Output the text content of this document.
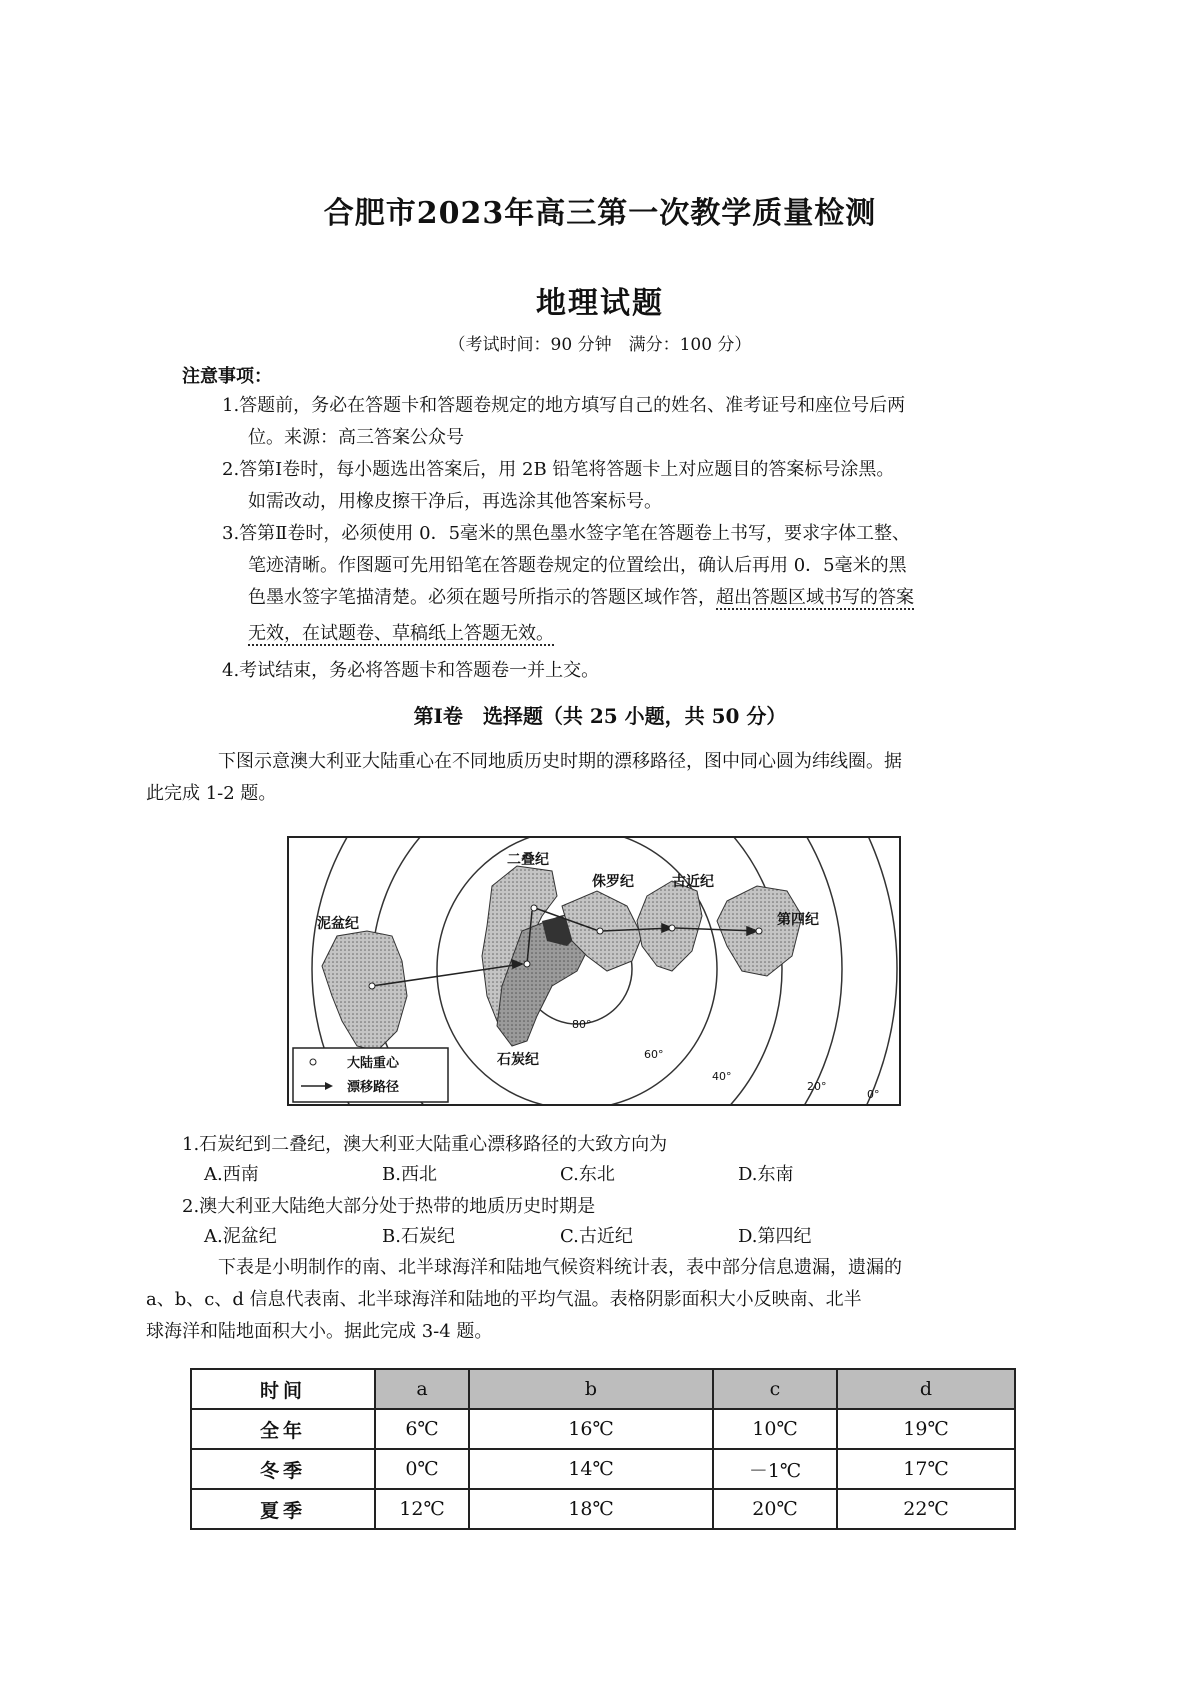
合肥市2023年高三第一次教学质量检测
地理试题
（考试时间：90 分钟　满分：100 分）
注意事项：
1.答题前，务必在答题卡和答题卷规定的地方填写自己的姓名、准考证号和座位号后两

位。来源：高三答案公众号
2.答第Ⅰ卷时，每小题选出答案后，用 2B 铅笔将答题卡上对应题目的答案标号涂黑。

如需改动，用橡皮擦干净后，再选涂其他答案标号。
3.答第Ⅱ卷时，必须使用 0．5毫米的黑色墨水签字笔在答题卷上书写，要求字体工整、

笔迹清晰。作图题可先用铅笔在答题卷规定的位置绘出，确认后再用 0．5毫米的黑
色墨水签字笔描清楚。必须在题号所指示的答题区域作答，超出答题区域书写的答案
无效，在试题卷、草稿纸上答题无效。
4.考试结束，务必将答题卡和答题卷一并上交。
第Ⅰ卷　选择题（共 25 小题，共 50 分）
下图示意澳大利亚大陆重心在不同地质历史时期的漂移路径，图中同心圆为纬线圈。据
此完成 1-2 题。
二叠纪
侏罗纪	古近纪
泥盆纪	第四纪
石炭纪
80°
60°
40°
20°
0°
大陆重心
漂移路径
1.石炭纪到二叠纪，澳大利亚大陆重心漂移路径的大致方向为
A.西南	B.西北	C.东北	D.东南
2.澳大利亚大陆绝大部分处于热带的地质历史时期是
A.泥盆纪	B.石炭纪	C.古近纪	D.第四纪
下表是小明制作的南、北半球海洋和陆地气候资料统计表，表中部分信息遗漏，遗漏的
a、b、c、d 信息代表南、北半球海洋和陆地的平均气温。表格阴影面积大小反映南、北半
球海洋和陆地面积大小。据此完成 3-4 题。
时间	a	b	c	d
全年	6℃	16℃	10℃	19℃
冬季	0℃	14℃	－1℃	17℃
夏季	12℃	18℃	20℃	22℃
